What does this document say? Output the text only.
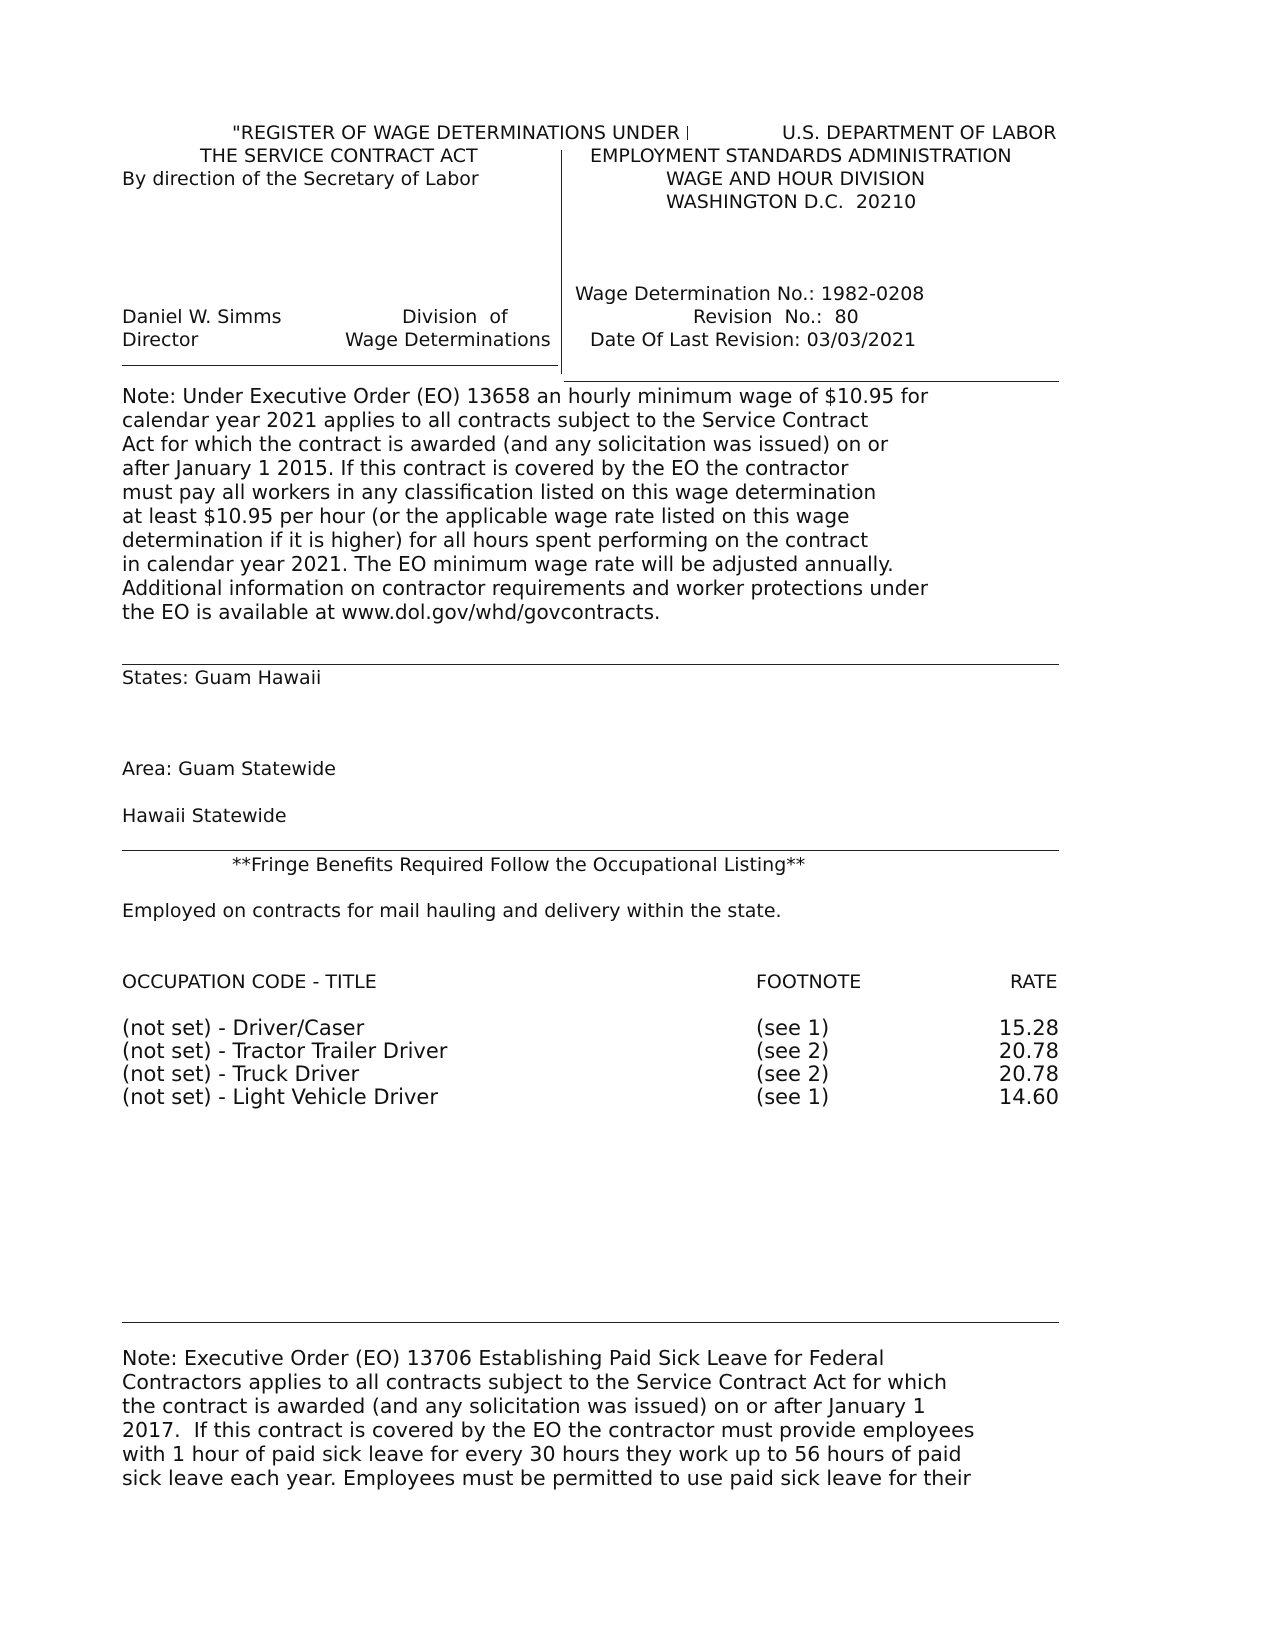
"REGISTER OF WAGE DETERMINATIONS UNDER
THE SERVICE CONTRACT ACT
By direction of the Secretary of Labor
U.S. DEPARTMENT OF LABOR
EMPLOYMENT STANDARDS ADMINISTRATION
WAGE AND HOUR DIVISION
WASHINGTON D.C.  20210
Wage Determination No.: 1982-0208
Daniel W. Simms	Division  of	Revision  No.:  80
Director	Wage Determinations Date Of Last Revision: 03/03/2021
Note: Under Executive Order (EO) 13658 an hourly minimum wage of $10.95 for
calendar year 2021 applies to all contracts subject to the Service Contract
Act for which the contract is awarded (and any solicitation was issued) on or
after January 1 2015. If this contract is covered by the EO the contractor
must pay all workers in any classification listed on this wage determination
at least $10.95 per hour (or the applicable wage rate listed on this wage
determination if it is higher) for all hours spent performing on the contract
in calendar year 2021. The EO minimum wage rate will be adjusted annually.
Additional information on contractor requirements and worker protections under
the EO is available at www.dol.gov/whd/govcontracts.
States: Guam Hawaii
Area: Guam Statewide
Hawaii Statewide
**Fringe Benefits Required Follow the Occupational Listing**
Employed on contracts for mail hauling and delivery within the state.
OCCUPATION CODE - TITLE	FOOTNOTE	RATE
(not set) - Driver/Caser	(see 1)	15.28
(not set) - Tractor Trailer Driver	(see 2)	20.78
(not set) - Truck Driver	(see 2)	20.78
(not set) - Light Vehicle Driver	(see 1)	14.60
Note: Executive Order (EO) 13706 Establishing Paid Sick Leave for Federal
Contractors applies to all contracts subject to the Service Contract Act for which
the contract is awarded (and any solicitation was issued) on or after January 1
2017.  If this contract is covered by the EO the contractor must provide employees
with 1 hour of paid sick leave for every 30 hours they work up to 56 hours of paid
sick leave each year. Employees must be permitted to use paid sick leave for their
